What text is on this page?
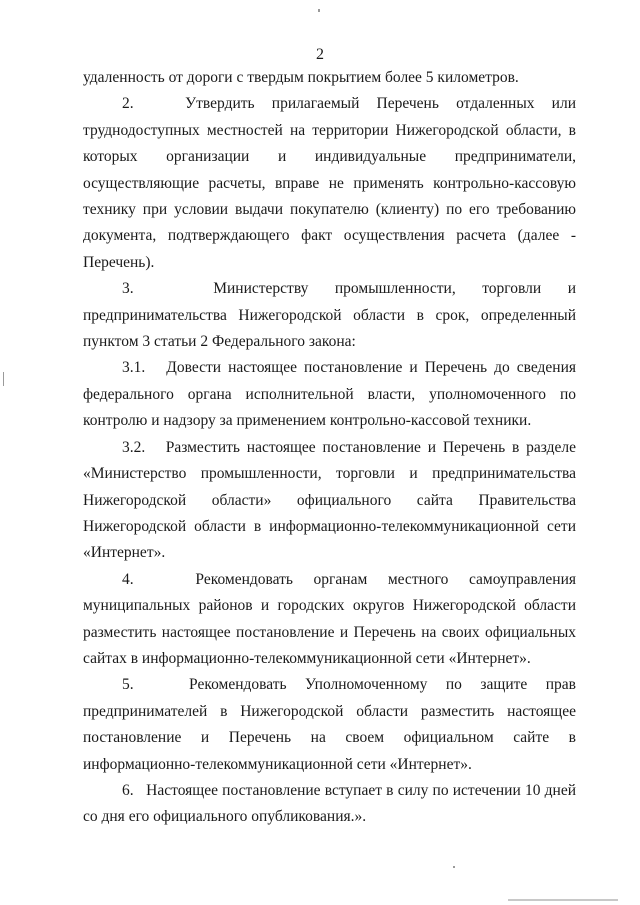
2

удаленность от дороги с твердым покрытием более 5 километров.

2.   Утвердить прилагаемый Перечень отдаленных или труднодоступных местностей на территории Нижегородской области, в которых организации и индивидуальные предприниматели, осуществляющие расчеты, вправе не применять контрольно-кассовую технику при условии выдачи покупателю (клиенту) по его требованию документа, подтверждающего факт осуществления расчета (далее - Перечень).

3.   Министерству промышленности, торговли и предпринимательства Нижегородской области в срок, определенный пунктом 3 статьи 2 Федерального закона:

3.1.   Довести настоящее постановление и Перечень до сведения федерального органа исполнительной власти, уполномоченного по контролю и надзору за применением контрольно-кассовой техники.

3.2.   Разместить настоящее постановление и Перечень в разделе «Министерство промышленности, торговли и предпринимательства Нижегородской области» официального сайта Правительства Нижегородской области в информационно-телекоммуникационной сети «Интернет».

4.   Рекомендовать органам местного самоуправления муниципальных районов и городских округов Нижегородской области разместить настоящее постановление и Перечень на своих официальных сайтах в информационно-телекоммуникационной сети «Интернет».

5.   Рекомендовать Уполномоченному по защите прав предпринимателей в Нижегородской области разместить настоящее постановление и Перечень на своем официальном сайте в информационно-телекоммуникационной сети «Интернет».

6.   Настоящее постановление вступает в силу по истечении 10 дней со дня его официального опубликования.».
